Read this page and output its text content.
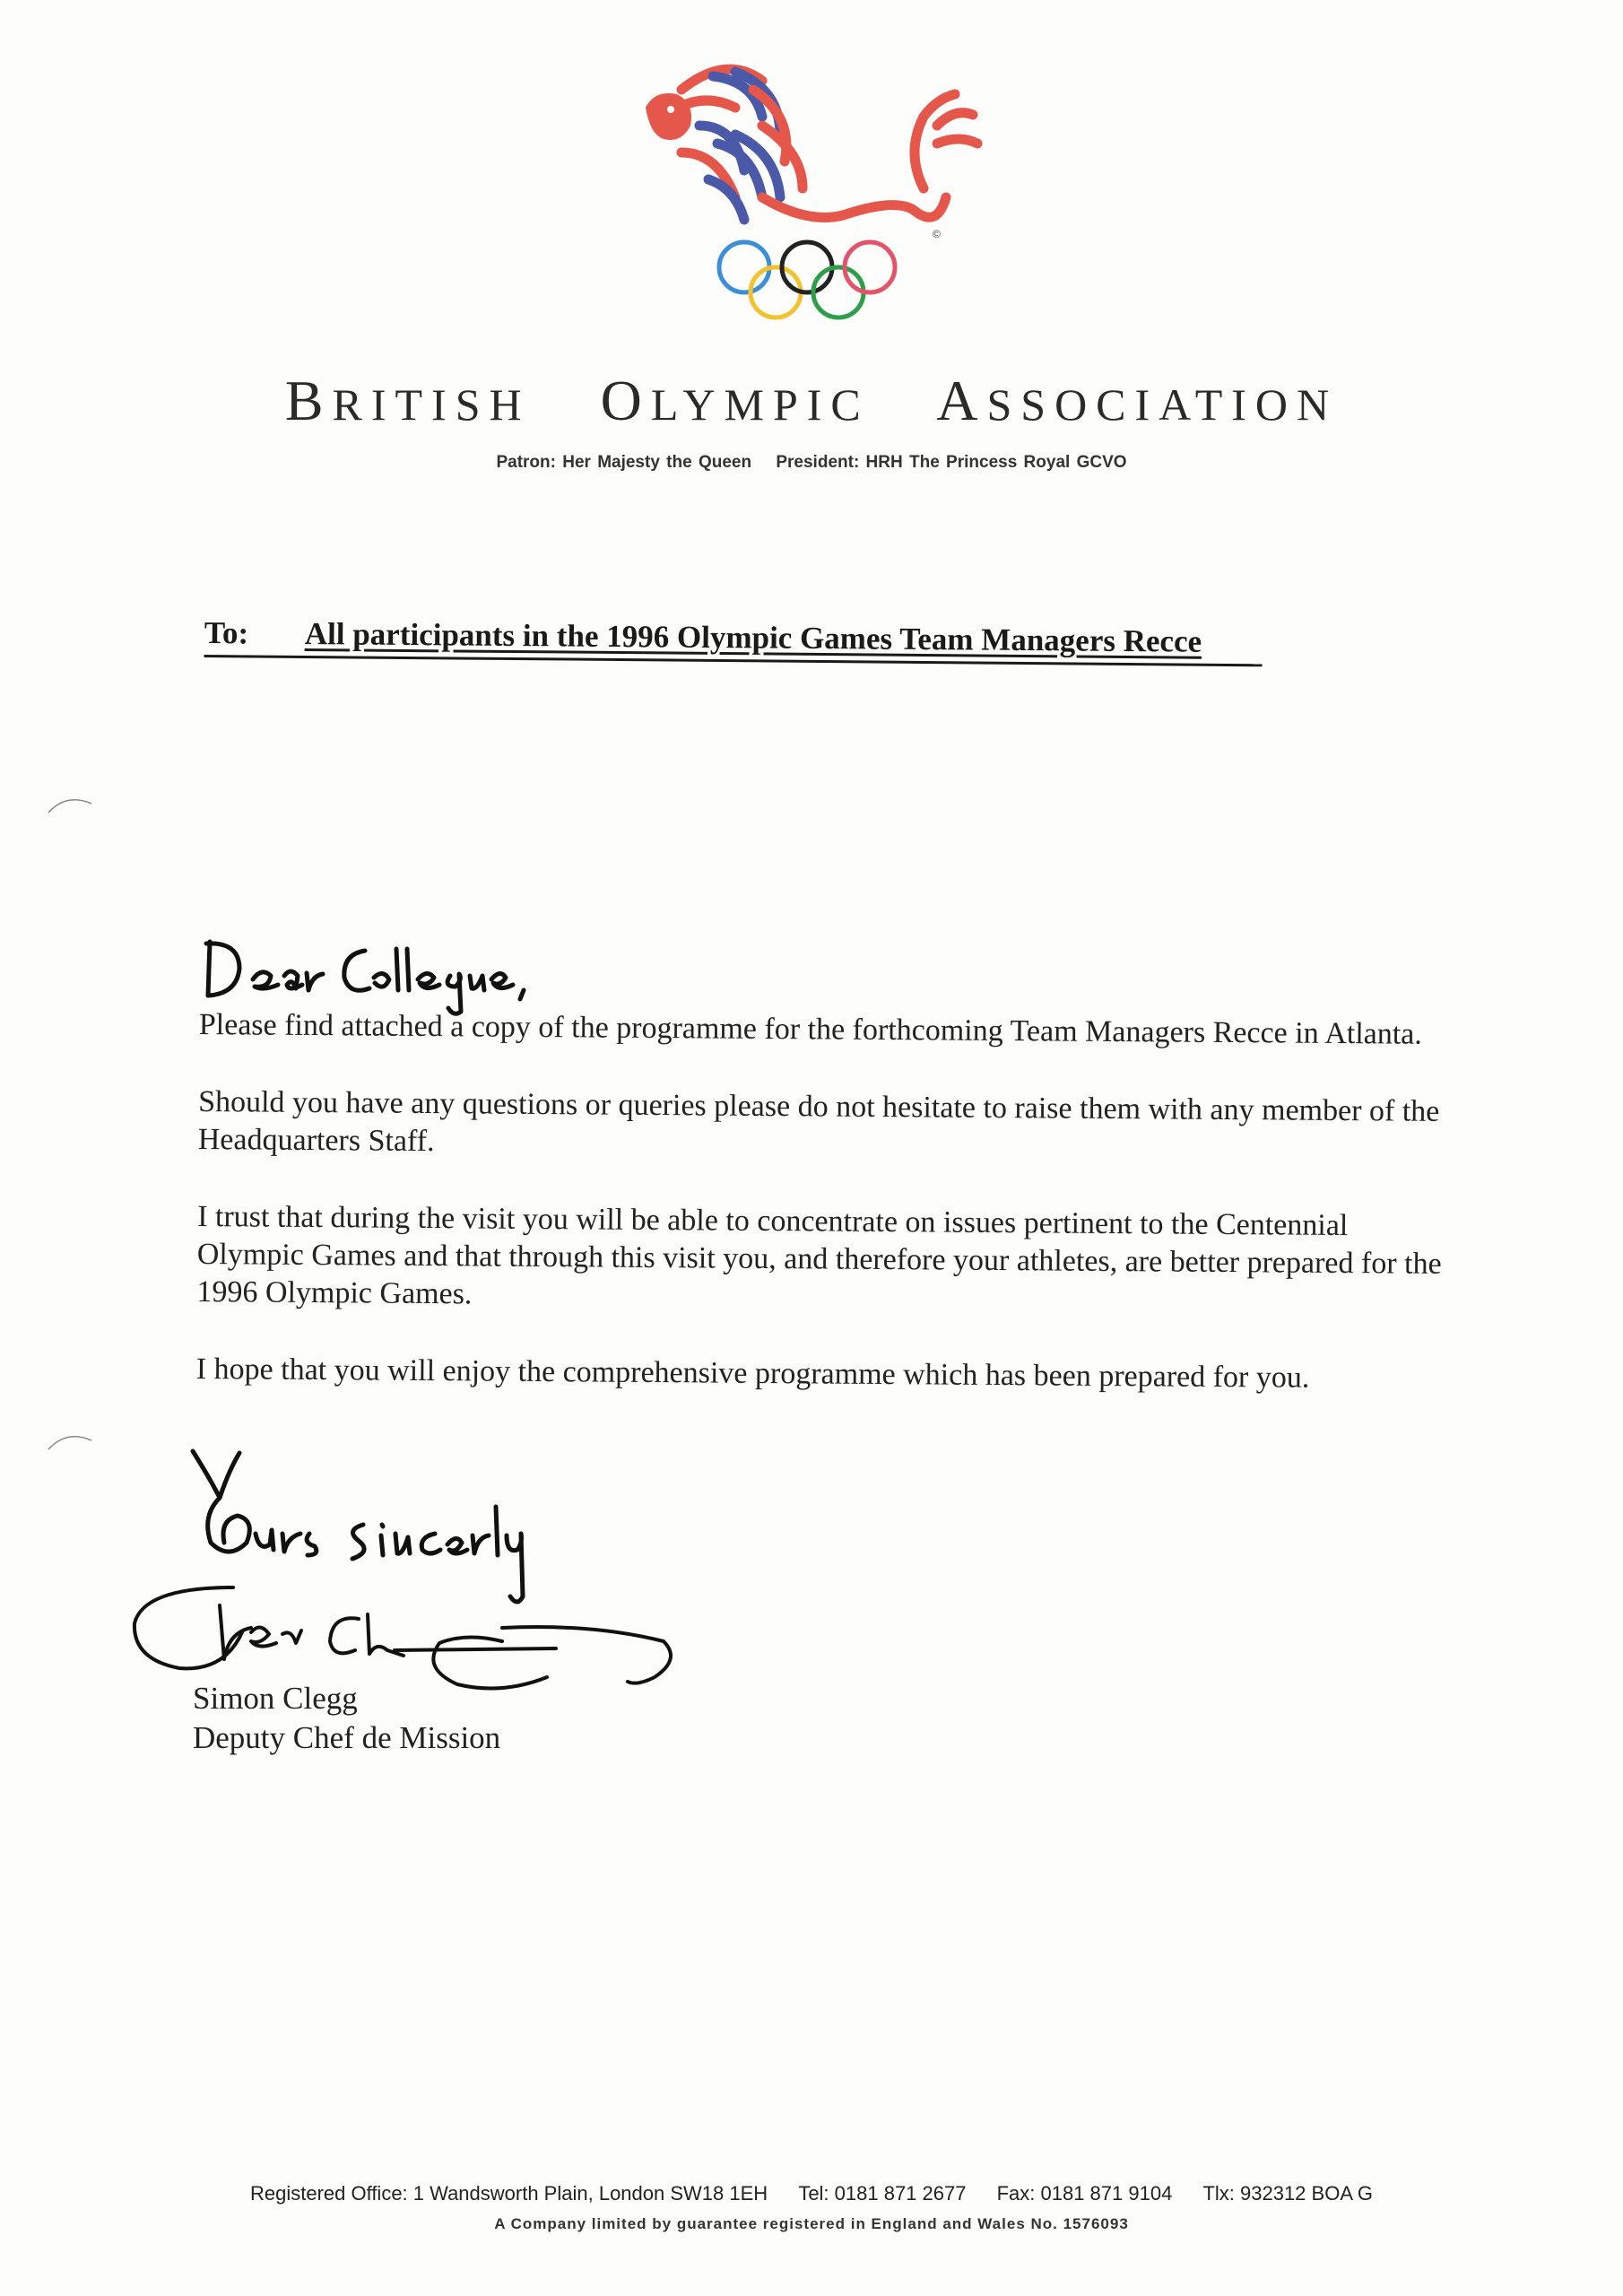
©
BRITISH OLYMPIC ASSOCIATION
Patron: Her Majesty the Queen President: HRH The Princess Royal GCVO
To: All participants in the 1996 Olympic Games Team Managers Recce

Please find attached a copy of the programme for the forthcoming Team Managers Recce in Atlanta.

Should you have any questions or queries please do not hesitate to raise them with any member of the Headquarters Staff.

I trust that during the visit you will be able to concentrate on issues pertinent to the Centennial Olympic Games and that through this visit you, and therefore your athletes, are better prepared for the 1996 Olympic Games.

I hope that you will enjoy the comprehensive programme which has been prepared for you.

Simon Clegg
Deputy Chef de Mission
Registered Office: 1 Wandsworth Plain, London SW18 1EH Tel: 0181 871 2677 Fax: 0181 871 9104 Tlx: 932312 BOA G
A Company limited by guarantee registered in England and Wales No. 1576093
